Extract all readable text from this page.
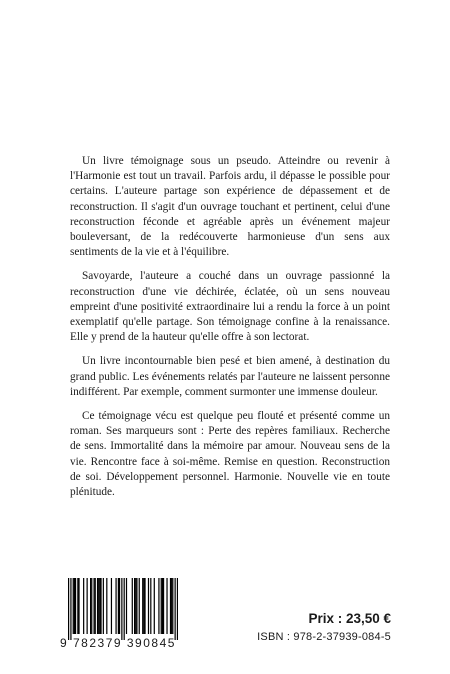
Un livre témoignage sous un pseudo. Atteindre ou revenir à l'Harmonie est tout un travail. Parfois ardu, il dépasse le possible pour certains. L'auteure partage son expérience de dépassement et de reconstruction. Il s'agit d'un ouvrage touchant et pertinent, celui d'une reconstruction féconde et agréable après un événement majeur bouleversant, de la redécouverte harmonieuse d'un sens aux sentiments de la vie et à l'équilibre.

Savoyarde, l'auteure a couché dans un ouvrage passionné la reconstruction d'une vie déchirée, éclatée, où un sens nouveau empreint d'une positivité extraordinaire lui a rendu la force à un point exemplatif qu'elle partage. Son témoignage confine à la renaissance. Elle y prend de la hauteur qu'elle offre à son lectorat.

Un livre incontournable bien pesé et bien amené, à destination du grand public. Les événements relatés par l'auteure ne laissent personne indifférent. Par exemple, comment surmonter une immense douleur.

Ce témoignage vécu est quelque peu flouté et présenté comme un roman. Ses marqueurs sont : Perte des repères familiaux. Recherche de sens. Immortalité dans la mémoire par amour. Nouveau sens de la vie. Rencontre face à soi-même. Remise en question. Reconstruction de soi. Développement personnel. Harmonie. Nouvelle vie en toute plénitude.

9 782379 390845
Prix : 23,50 €
ISBN : 978-2-37939-084-5
